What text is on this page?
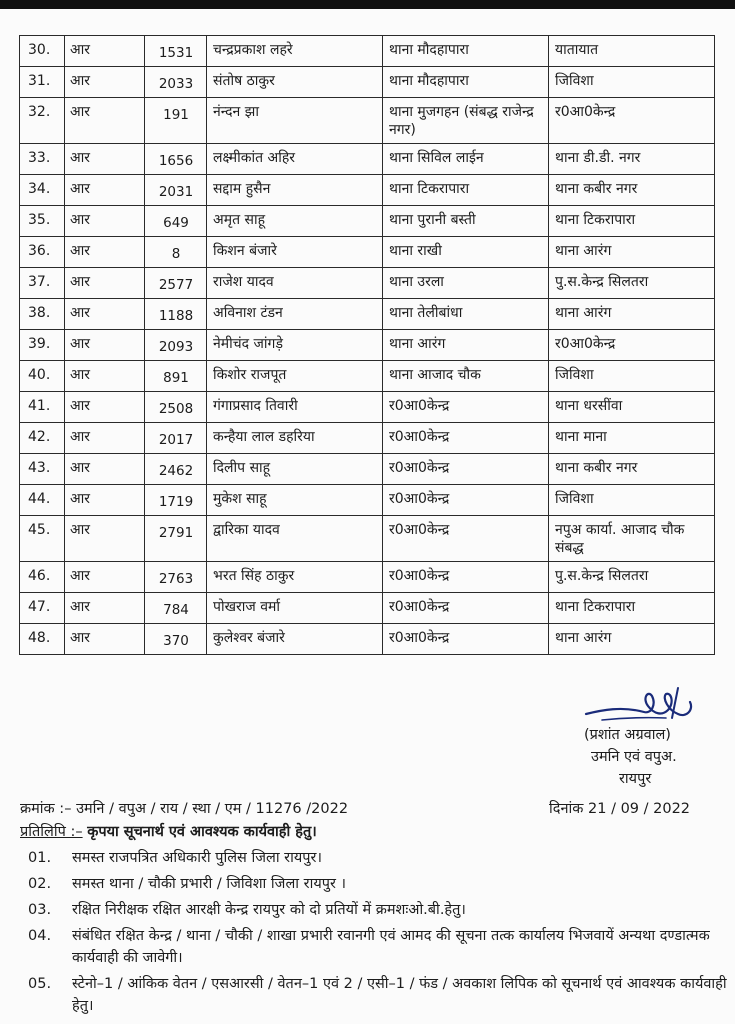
30.	आर	1531	चन्द्रप्रकाश लहरे	थाना मौदहापारा	यातायात
31.	आर	2033	संतोष ठाकुर	थाना मौदहापारा	जिविशा
32.	आर	191	नंन्दन झा	थाना मुजगहन (संबद्ध राजेन्द्र नगर)	र0आ0केन्द्र
33.	आर	1656	लक्ष्मीकांत अहिर	थाना सिविल लाईन	थाना डी.डी. नगर
34.	आर	2031	सद्दाम हुसैन	थाना टिकरापारा	थाना कबीर नगर
35.	आर	649	अमृत साहू	थाना पुरानी बस्ती	थाना टिकरापारा
36.	आर	8	किशन बंजारे	थाना राखी	थाना आरंग
37.	आर	2577	राजेश यादव	थाना उरला	पु.स.केन्द्र सिलतरा
38.	आर	1188	अविनाश टंडन	थाना तेलीबांधा	थाना आरंग
39.	आर	2093	नेमीचंद जांगड़े	थाना आरंग	र0आ0केन्द्र
40.	आर	891	किशोर राजपूत	थाना आजाद चौक	जिविशा
41.	आर	2508	गंगाप्रसाद तिवारी	र0आ0केन्द्र	थाना धरसींवा
42.	आर	2017	कन्हैया लाल डहरिया	र0आ0केन्द्र	थाना माना
43.	आर	2462	दिलीप साहू	र0आ0केन्द्र	थाना कबीर नगर
44.	आर	1719	मुकेश साहू	र0आ0केन्द्र	जिविशा
45.	आर	2791	द्वारिका यादव	र0आ0केन्द्र	नपुअ कार्या. आजाद चौक संबद्ध
46.	आर	2763	भरत सिंह ठाकुर	र0आ0केन्द्र	पु.स.केन्द्र सिलतरा
47.	आर	784	पोखराज वर्मा	र0आ0केन्द्र	थाना टिकरापारा
48.	आर	370	कुलेश्वर बंजारे	र0आ0केन्द्र	थाना आरंग
(प्रशांत अग्रवाल)
उमनि एवं वपुअ.
रायपुर
क्रमांक :– उमनि / वपुअ / राय / स्था / एम / 11276 /2022	दिनांक 21 / 09 / 2022
प्रतिलिपि :– कृपया सूचनार्थ एवं आवश्यक कार्यवाही हेतु।
01.	समस्त राजपत्रित अधिकारी पुलिस जिला रायपुर।
02.	समस्त थाना / चौकी प्रभारी / जिविशा जिला रायपुर ।
03.	रक्षित निरीक्षक रक्षित आरक्षी केन्द्र रायपुर को दो प्रतियों में क्रमशःओ.बी.हेतु।
04.	संबंधित रक्षित केन्द्र / थाना / चौकी / शाखा प्रभारी रवानगी एवं आमद की सूचना तत्क कार्यालय भिजवायें अन्यथा दण्डात्मक कार्यवाही की जावेगी।
05.	स्टेनो–1 / आंकिक वेतन / एसआरसी / वेतन–1 एवं 2 / एसी–1 / फंड / अवकाश लिपिक को सूचनार्थ एवं आवश्यक कार्यवाही हेतु।
